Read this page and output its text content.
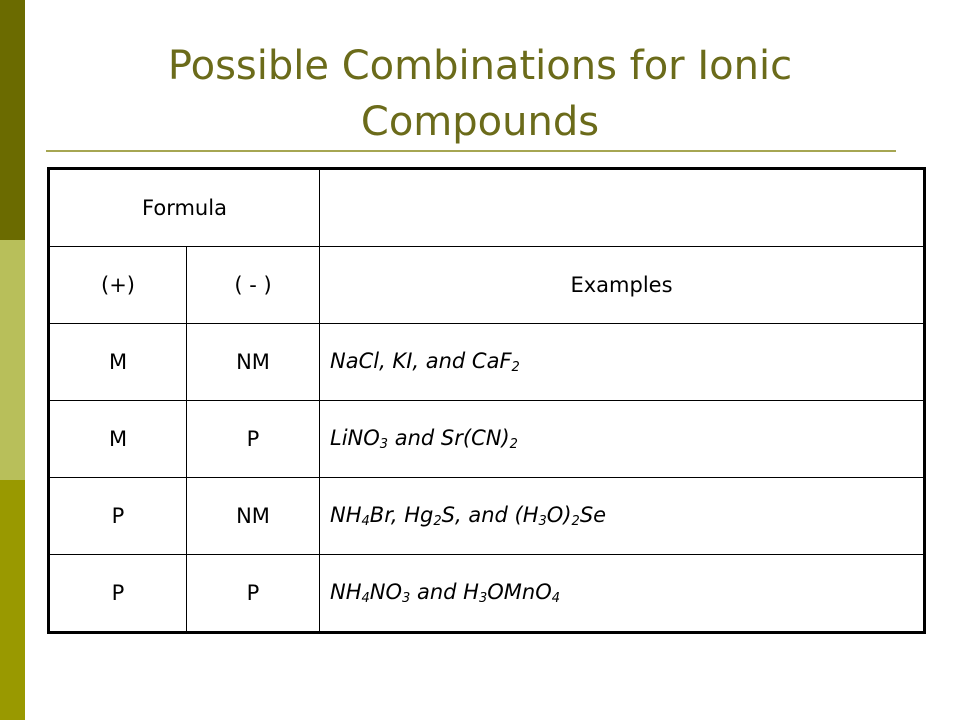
Possible Combinations for Ionic
Compounds
Formula		
(+)	( - )	Examples
M	NM	NaCl, KI, and CaF$_2$
M	P	LiNO$_3$ and $Sr(CN)_2$
P	NM	$NH_4Br$, $Hg_2S$, and $(H_3O)_2Se$
P	P	$NH_4NO_3$ and $H_3OMnO_4$
